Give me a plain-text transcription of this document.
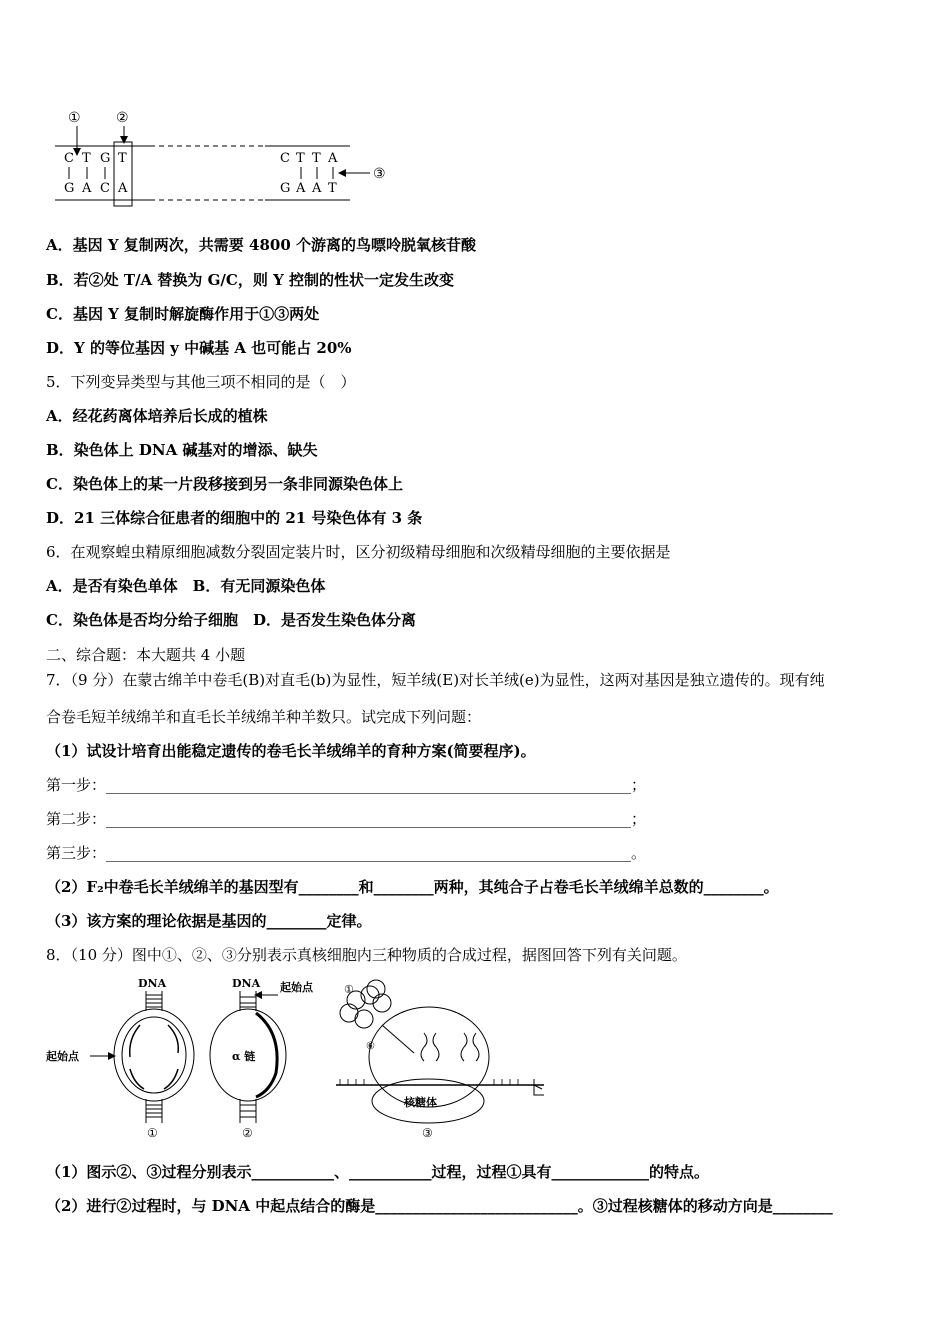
①	②
③
C T G T
G A C A
C T T A
G A A T
A．基因 Y 复制两次，共需要 4800 个游离的鸟嘌呤脱氧核苷酸
B．若②处 T/A 替换为 G/C，则 Y 控制的性状一定发生改变
C．基因 Y 复制时解旋酶作用于①③两处
D．Y 的等位基因 y 中碱基 A 也可能占 20%
5．下列变异类型与其他三项不相同的是（　）
A．经花药离体培养后长成的植株
B．染色体上 DNA 碱基对的增添、缺失
C．染色体上的某一片段移接到另一条非同源染色体上
D．21 三体综合征患者的细胞中的 21 号染色体有 3 条
6．在观察蝗虫精原细胞减数分裂固定装片时，区分初级精母细胞和次级精母细胞的主要依据是
A．是否有染色单体　B．有无同源染色体
C．染色体是否均分给子细胞　D．是否发生染色体分离
二、综合题：本大题共 4 小题
7．（9 分）在蒙古绵羊中卷毛(B)对直毛(b)为显性，短羊绒(E)对长羊绒(e)为显性，这两对基因是独立遗传的。现有纯
合卷毛短羊绒绵羊和直毛长羊绒绵羊种羊数只。试完成下列问题：
（1）试设计培育出能稳定遗传的卷毛长羊绒绵羊的育种方案(简要程序)。
第一步：______________________________________________________________________；
第二步：______________________________________________________________________；
第三步：______________________________________________________________________。
（2）F₂中卷毛长羊绒绵羊的基因型有________和________两种，其纯合子占卷毛长羊绒绵羊总数的________。
（3）该方案的理论依据是基因的________定律。
8．（10 分）图中①、②、③分别表示真核细胞内三种物质的合成过程，据图回答下列有关问题。
DNA
起始点
①
DNA 起始点
α 链
②
①
⑥
核糖体
③
（1）图示②、③过程分别表示___________、___________过程，过程①具有_____________的特点。
（2）进行②过程时，与 DNA 中起点结合的酶是___________________________。③过程核糖体的移动方向是________
